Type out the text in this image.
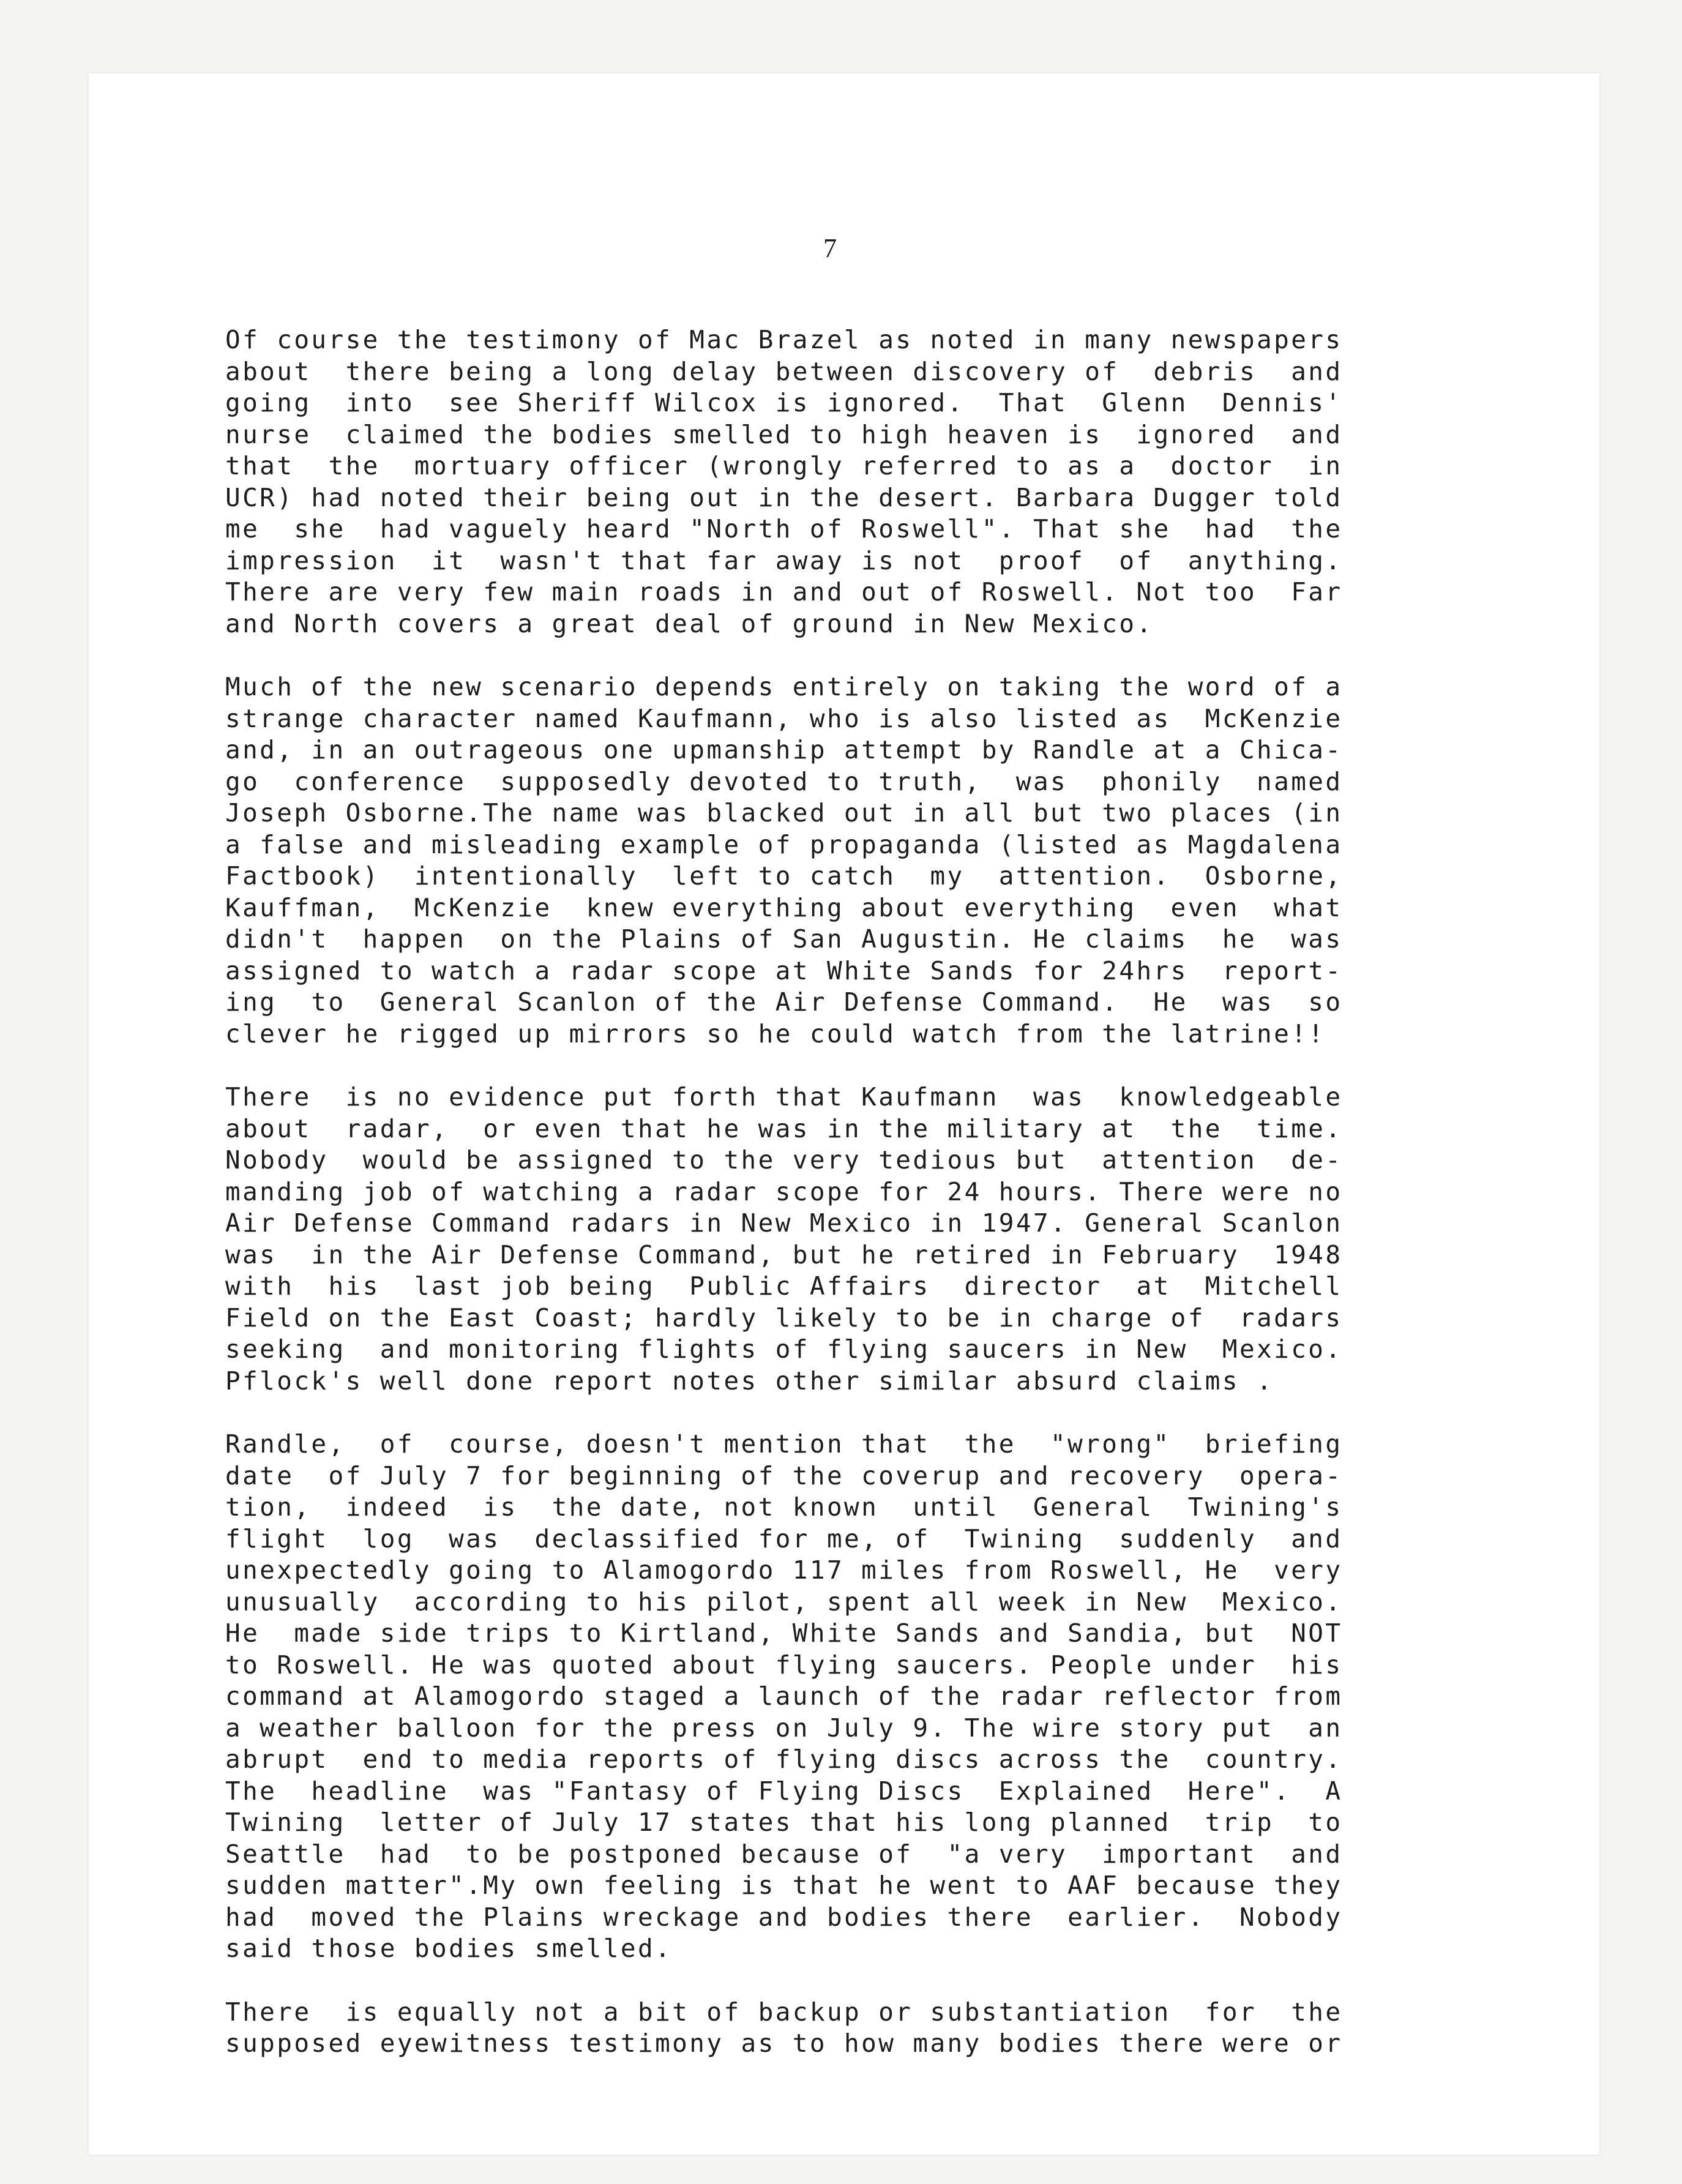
7
Of course the testimony of Mac Brazel as noted in many newspapers
about  there being a long delay between discovery of  debris  and
going  into  see Sheriff Wilcox is ignored.  That  Glenn  Dennis'
nurse  claimed the bodies smelled to high heaven is  ignored  and
that  the  mortuary officer (wrongly referred to as a  doctor  in
UCR) had noted their being out in the desert. Barbara Dugger told
me  she  had vaguely heard "North of Roswell". That she  had  the
impression  it  wasn't that far away is not  proof  of  anything.
There are very few main roads in and out of Roswell. Not too  Far
and North covers a great deal of ground in New Mexico.
Much of the new scenario depends entirely on taking the word of a
strange character named Kaufmann, who is also listed as  McKenzie
and, in an outrageous one upmanship attempt by Randle at a Chica-
go  conference  supposedly devoted to truth,  was  phonily  named
Joseph Osborne.The name was blacked out in all but two places (in
a false and misleading example of propaganda (listed as Magdalena
Factbook)  intentionally  left to catch  my  attention.  Osborne,
Kauffman,  McKenzie  knew everything about everything  even  what
didn't  happen  on the Plains of San Augustin. He claims  he  was
assigned to watch a radar scope at White Sands for 24hrs  report-
ing  to  General Scanlon of the Air Defense Command.  He  was  so
clever he rigged up mirrors so he could watch from the latrine!!
There  is no evidence put forth that Kaufmann  was  knowledgeable
about  radar,  or even that he was in the military at  the  time.
Nobody  would be assigned to the very tedious but  attention  de-
manding job of watching a radar scope for 24 hours. There were no
Air Defense Command radars in New Mexico in 1947. General Scanlon
was  in the Air Defense Command, but he retired in February  1948
with  his  last job being  Public Affairs  director  at  Mitchell
Field on the East Coast; hardly likely to be in charge of  radars
seeking  and monitoring flights of flying saucers in New  Mexico.
Pflock's well done report notes other similar absurd claims .
Randle,  of  course, doesn't mention that  the  "wrong"  briefing
date  of July 7 for beginning of the coverup and recovery  opera-
tion,  indeed  is  the date, not known  until  General  Twining's
flight  log  was  declassified for me, of  Twining  suddenly  and
unexpectedly going to Alamogordo 117 miles from Roswell, He  very
unusually  according to his pilot, spent all week in New  Mexico.
He  made side trips to Kirtland, White Sands and Sandia, but  NOT
to Roswell. He was quoted about flying saucers. People under  his
command at Alamogordo staged a launch of the radar reflector from
a weather balloon for the press on July 9. The wire story put  an
abrupt  end to media reports of flying discs across the  country.
The  headline  was "Fantasy of Flying Discs  Explained  Here".  A
Twining  letter of July 17 states that his long planned  trip  to
Seattle  had  to be postponed because of  "a very  important  and
sudden matter".My own feeling is that he went to AAF because they
had  moved the Plains wreckage and bodies there  earlier.  Nobody
said those bodies smelled.
There  is equally not a bit of backup or substantiation  for  the
supposed eyewitness testimony as to how many bodies there were or
